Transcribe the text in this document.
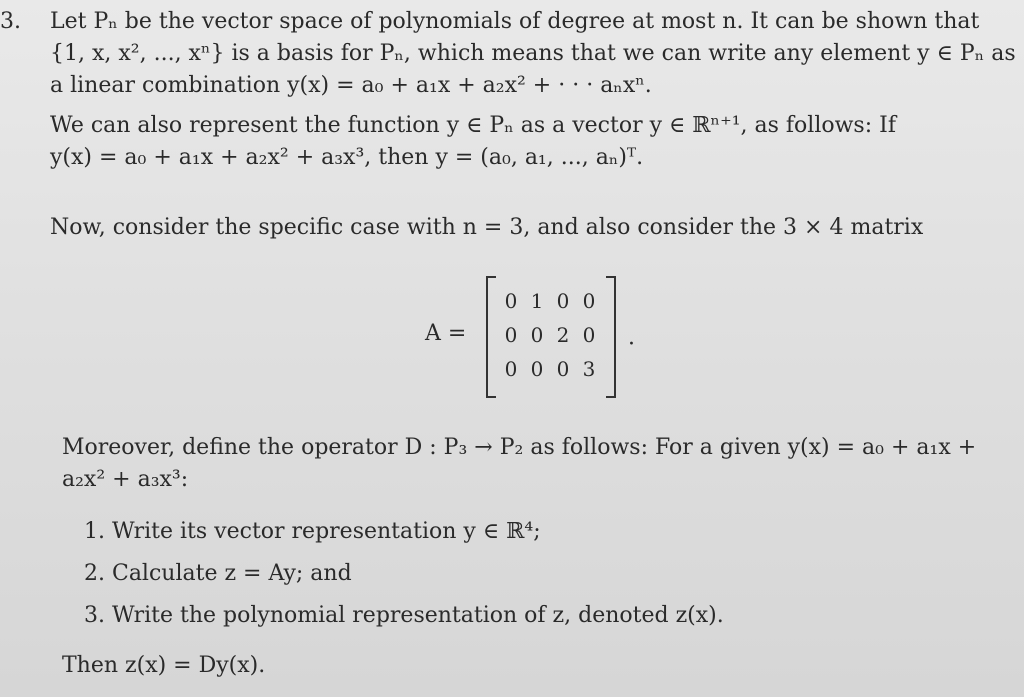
3. Let Pₙ be the vector space of polynomials of degree at most n. It can be shown that
{1, x, x², ..., xⁿ} is a basis for Pₙ, which means that we can write any element y ∈ Pₙ as
a linear combination y(x) = a₀ + a₁x + a₂x² + · · · aₙxⁿ.
We can also represent the function y ∈ Pₙ as a vector y ∈ ℝⁿ⁺¹, as follows: If
y(x) = a₀ + a₁x + a₂x² + a₃x³, then y = (a₀, a₁, ..., aₙ)ᵀ.
Now, consider the specific case with n = 3, and also consider the 3 × 4 matrix
A =
0 1 0 0
0 0 2 0
0 0 0 3
·
Moreover, define the operator D : P₃ → P₂ as follows: For a given y(x) = a₀ + a₁x +
a₂x² + a₃x³:
1. Write its vector representation y ∈ ℝ⁴;
2. Calculate z = Ay; and
3. Write the polynomial representation of z, denoted z(x).
Then z(x) = Dy(x).
